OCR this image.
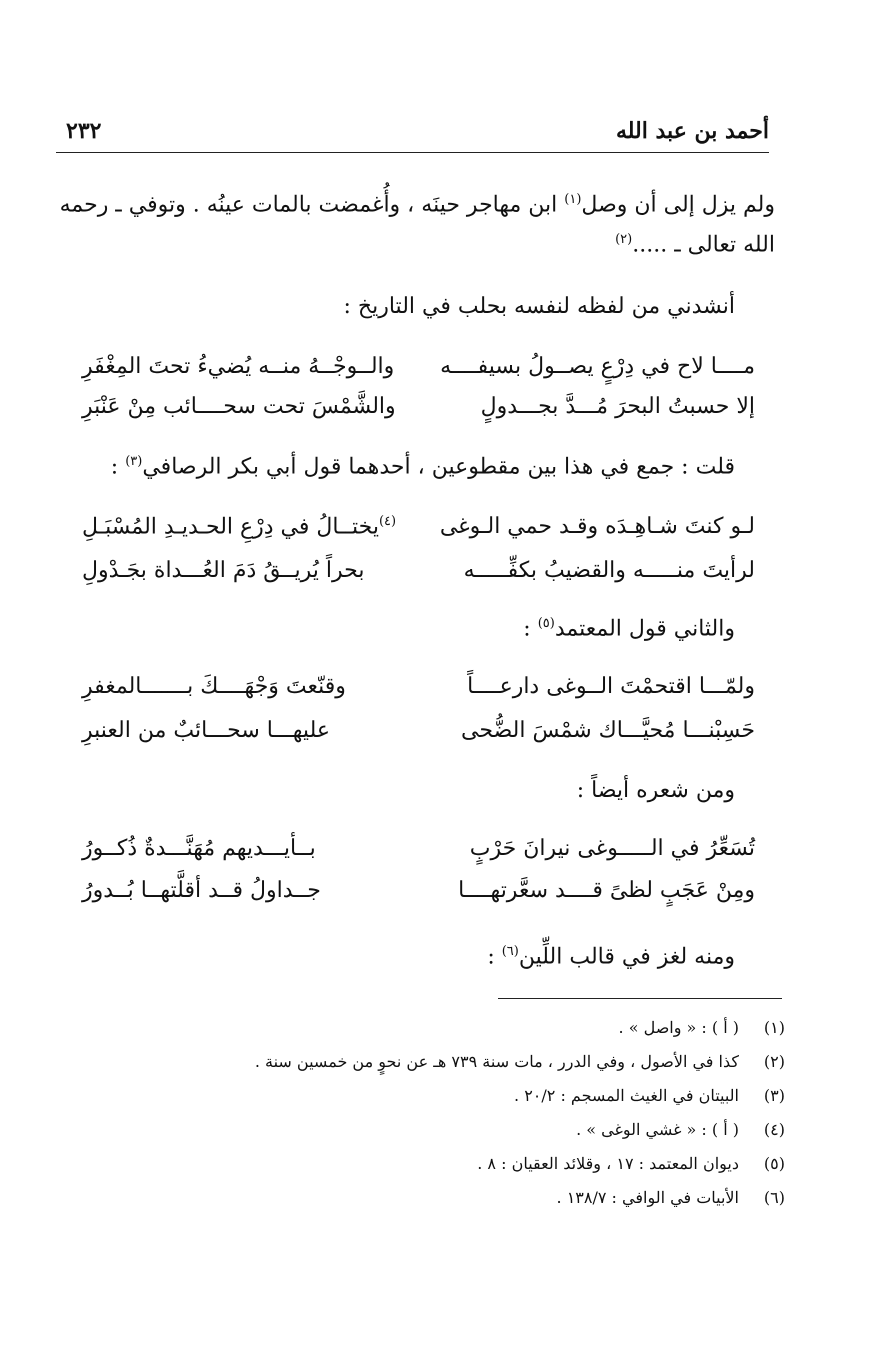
أحمد بن عبد الله
٢٣٢
ولم يزل إلى أن وصل$^{(١)}$ ابن مهاجر حينَه ، وأُغمضت بالمات عينُه . وتوفي ـ رحمه
الله تعالى ـ .....$^{(٢)}$
أنشدني من لفظه لنفسه بحلب في التاريخ :
مــــا لاح في دِرْعٍ يصــولُ بسيفــــه
والــوجْــهُ منــه يُضيءُ تحتَ المِغْفَرِ
إلا حسبتُ البحرَ مُـــدَّ بجـــدولٍ
والشَّمْسَ تحت سحــــائب مِنْ عَنْبَرِ
قلت : جمع في هذا بين مقطوعين ، أحدهما قول أبي بكر الرصافي$^{(٣)}$ :
لـو كنتَ شـاهِـدَه وقـد حمي الـوغى
$^{(٤)}$يختــالُ في دِرْعِ الحـديـدِ المُسْبَـلِ
لرأيتَ منـــــه والقضيبُ بكفِّـــــه
بحراً يُريــقُ دَمَ العُـــداة بجَـدْولِ
والثاني قول المعتمد$^{(٥)}$ :
ولمّـــا اقتحمْتَ الــوغى دارعــــاً
وقنّعتَ وَجْهَــــكَ بـــــــالمغفرِ
حَسِبْنـــا مُحيَّـــاك شمْسَ الضُّحى
عليهـــا سحـــائبٌ من العنبرِ
ومن شعره أيضاً :
تُسَعِّرُ في الـــــوغى نيرانَ حَرْبٍ
بــأيـــديهم مُهَنَّـــدةٌ ذُكــورُ
ومِنْ عَجَبٍ لظىً قــــد سعَّرتهــــا
جــداولُ قــد أقلَّتهــا بُــدورُ
ومنه لغز في قالب اللِّين$^{(٦)}$ :
(١)( أ ) : « واصل » .
(٢)كذا في الأصول ، وفي الدرر ، مات سنة ٧٣٩ هـ عن نحوٍ من خمسين سنة .
(٣)البيتان في الغيث المسجم : ٢٠/٢ .
(٤)( أ ) : « غشي الوغى » .
(٥)ديوان المعتمد : ١٧ ، وقلائد العقيان : ٨ .
(٦)الأبيات في الوافي : ١٣٨/٧ .
